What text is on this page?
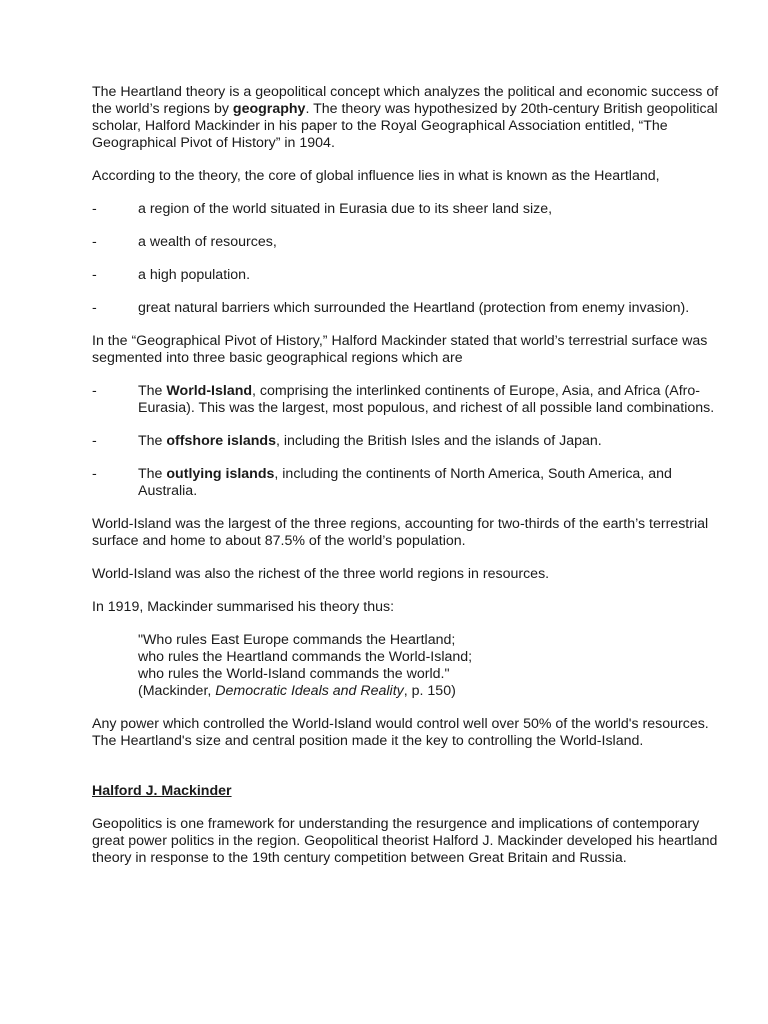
The Heartland theory is a geopolitical concept which analyzes the political and economic success of the world’s regions by geography. The theory was hypothesized by 20th-century British geopolitical scholar, Halford Mackinder in his paper to the Royal Geographical Association entitled, “The Geographical Pivot of History” in 1904.

According to the theory, the core of global influence lies in what is known as the Heartland,

-	a region of the world situated in Eurasia due to its sheer land size,
-	a wealth of resources,
-	a high population.
-	great natural barriers which surrounded the Heartland (protection from enemy invasion).

In the “Geographical Pivot of History,” Halford Mackinder stated that world’s terrestrial surface was segmented into three basic geographical regions which are

-	The World-Island, comprising the interlinked continents of Europe, Asia, and Africa (Afro-Eurasia). This was the largest, most populous, and richest of all possible land combinations.
-	The offshore islands, including the British Isles and the islands of Japan.
-	The outlying islands, including the continents of North America, South America, and Australia.

World-Island was the largest of the three regions, accounting for two-thirds of the earth’s terrestrial surface and home to about 87.5% of the world’s population.

World-Island was also the richest of the three world regions in resources.

In 1919, Mackinder summarised his theory thus:

"Who rules East Europe commands the Heartland;
who rules the Heartland commands the World-Island;
who rules the World-Island commands the world."
(Mackinder, Democratic Ideals and Reality, p. 150)

Any power which controlled the World-Island would control well over 50% of the world's resources. The Heartland's size and central position made it the key to controlling the World-Island.

Halford J. Mackinder

Geopolitics is one framework for understanding the resurgence and implications of contemporary great power politics in the region. Geopolitical theorist Halford J. Mackinder developed his heartland theory in response to the 19th century competition between Great Britain and Russia.
